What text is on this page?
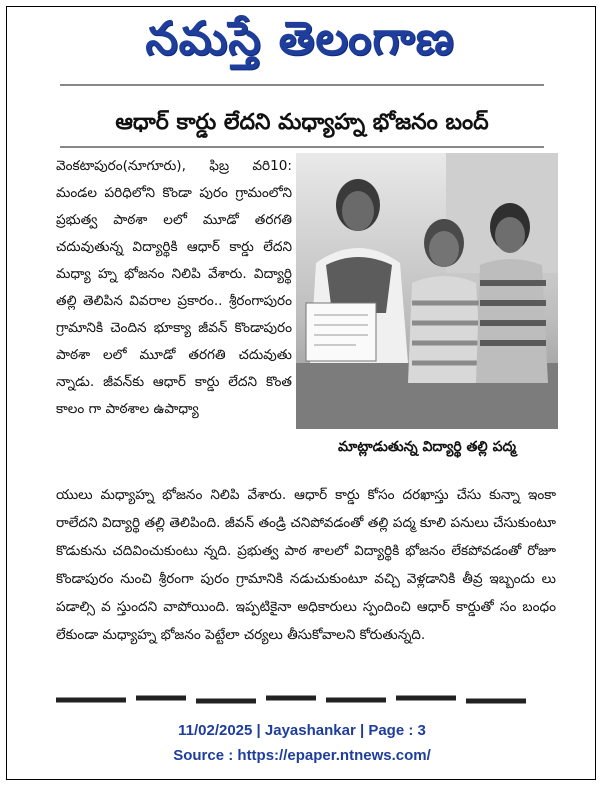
నమస్తే తెలంగాణ
ఆధార్ కార్డు లేదని మధ్యాహ్న భోజనం బంద్
వెంకటాపురం(నూగూరు), ఫిబ్ర వరి10: మండల పరిధిలోని కొండా పురం గ్రామంలోని ప్రభుత్వ పాఠశా లలో మూడో తరగతి చదువుతున్న విద్యార్థికి ఆధార్ కార్డు లేదని మధ్యా హ్న భోజనం నిలిపి వేశారు. విద్యార్థి తల్లి తెలిపిన వివరాల ప్రకారం.. శ్రీరంగాపురం గ్రామానికి చెందిన భూక్యా జీవన్ కొండాపురం పాఠశా లలో మూడో తరగతి చదువుతు న్నాడు. జీవన్‌కు ఆధార్ కార్డు లేదని కొంత కాలం గా పాఠశాల ఉపాధ్యా
యులు మధ్యాహ్న భోజనం నిలిపి వేశారు. ఆధార్ కార్డు కోసం దరఖాస్తు చేసు కున్నా ఇంకా రాలేదని విద్యార్థి తల్లి తెలిపింది. జీవన్ తండ్రి చనిపోవడంతో తల్లి పద్మ కూలి పనులు చేసుకుంటూ కొడుకును చదివించుకుంటు న్నది. ప్రభుత్వ పాఠ శాలలో విద్యార్థికి భోజనం లేకపోవడంతో రోజూ కొండాపురం నుంచి శ్రీరంగా పురం గ్రామానికి నడుచుకుంటూ వచ్చి వెళ్లడానికి తీవ్ర ఇబ్బందు లు పడాల్సి వ స్తుందని వాపోయింది. ఇప్పటికైనా అధికారులు స్పందించి ఆధార్ కార్డుతో సం బంధం లేకుండా మధ్యాహ్న భోజనం పెట్టేలా చర్యలు తీసుకోవాలని కోరుతున్నది.
మాట్లాడుతున్న విద్యార్థి తల్లి పద్మ
11/02/2025 | Jayashankar | Page : 3
Source : https://epaper.ntnews.com/
